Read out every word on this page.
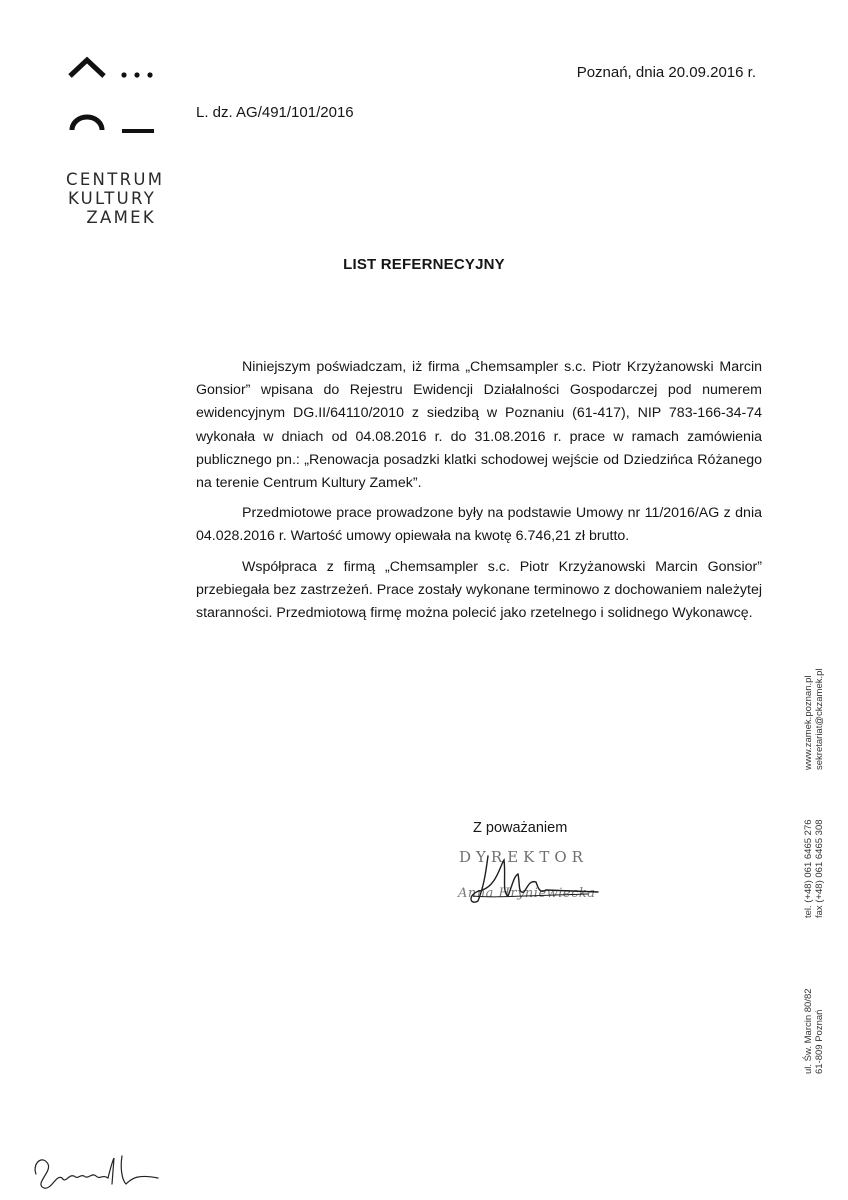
CENTRUM
KULTURY
ZAMEK
Poznań, dnia 20.09.2016 r.
L. dz. AG/491/101/2016
LIST REFERNECYJNY

Niniejszym poświadczam, iż firma „Chemsampler s.c. Piotr Krzyżanowski Marcin Gonsior” wpisana do Rejestru Ewidencji Działalności Gospodarczej pod numerem ewidencyjnym DG.II/64110/2010 z siedzibą w Poznaniu (61-417), NIP 783-166-34-74 wykonała w dniach od 04.08.2016 r. do 31.08.2016 r. prace w ramach zamówienia publicznego pn.: „Renowacja posadzki klatki schodowej wejście od Dziedzińca Różanego na terenie Centrum Kultury Zamek”.

Przedmiotowe prace prowadzone były na podstawie Umowy nr 11/2016/AG z dnia 04.028.2016 r. Wartość umowy opiewała na kwotę 6.746,21 zł brutto.

Współpraca z firmą „Chemsampler s.c. Piotr Krzyżanowski Marcin Gonsior” przebiegała bez zastrzeżeń. Prace zostały wykonane terminowo z dochowaniem należytej staranności. Przedmiotową firmę można polecić jako rzetelnego i solidnego Wykonawcę.

Z poważaniem
DYREKTOR
Anna Hryniewiecka
www.zamek.poznan.pl sekretariat@ckzamek.pl
tel. (+48) 061 6465 276 fax (+48) 061 6465 308
ul. Św. Marcin 80/82 61-809 Poznań
